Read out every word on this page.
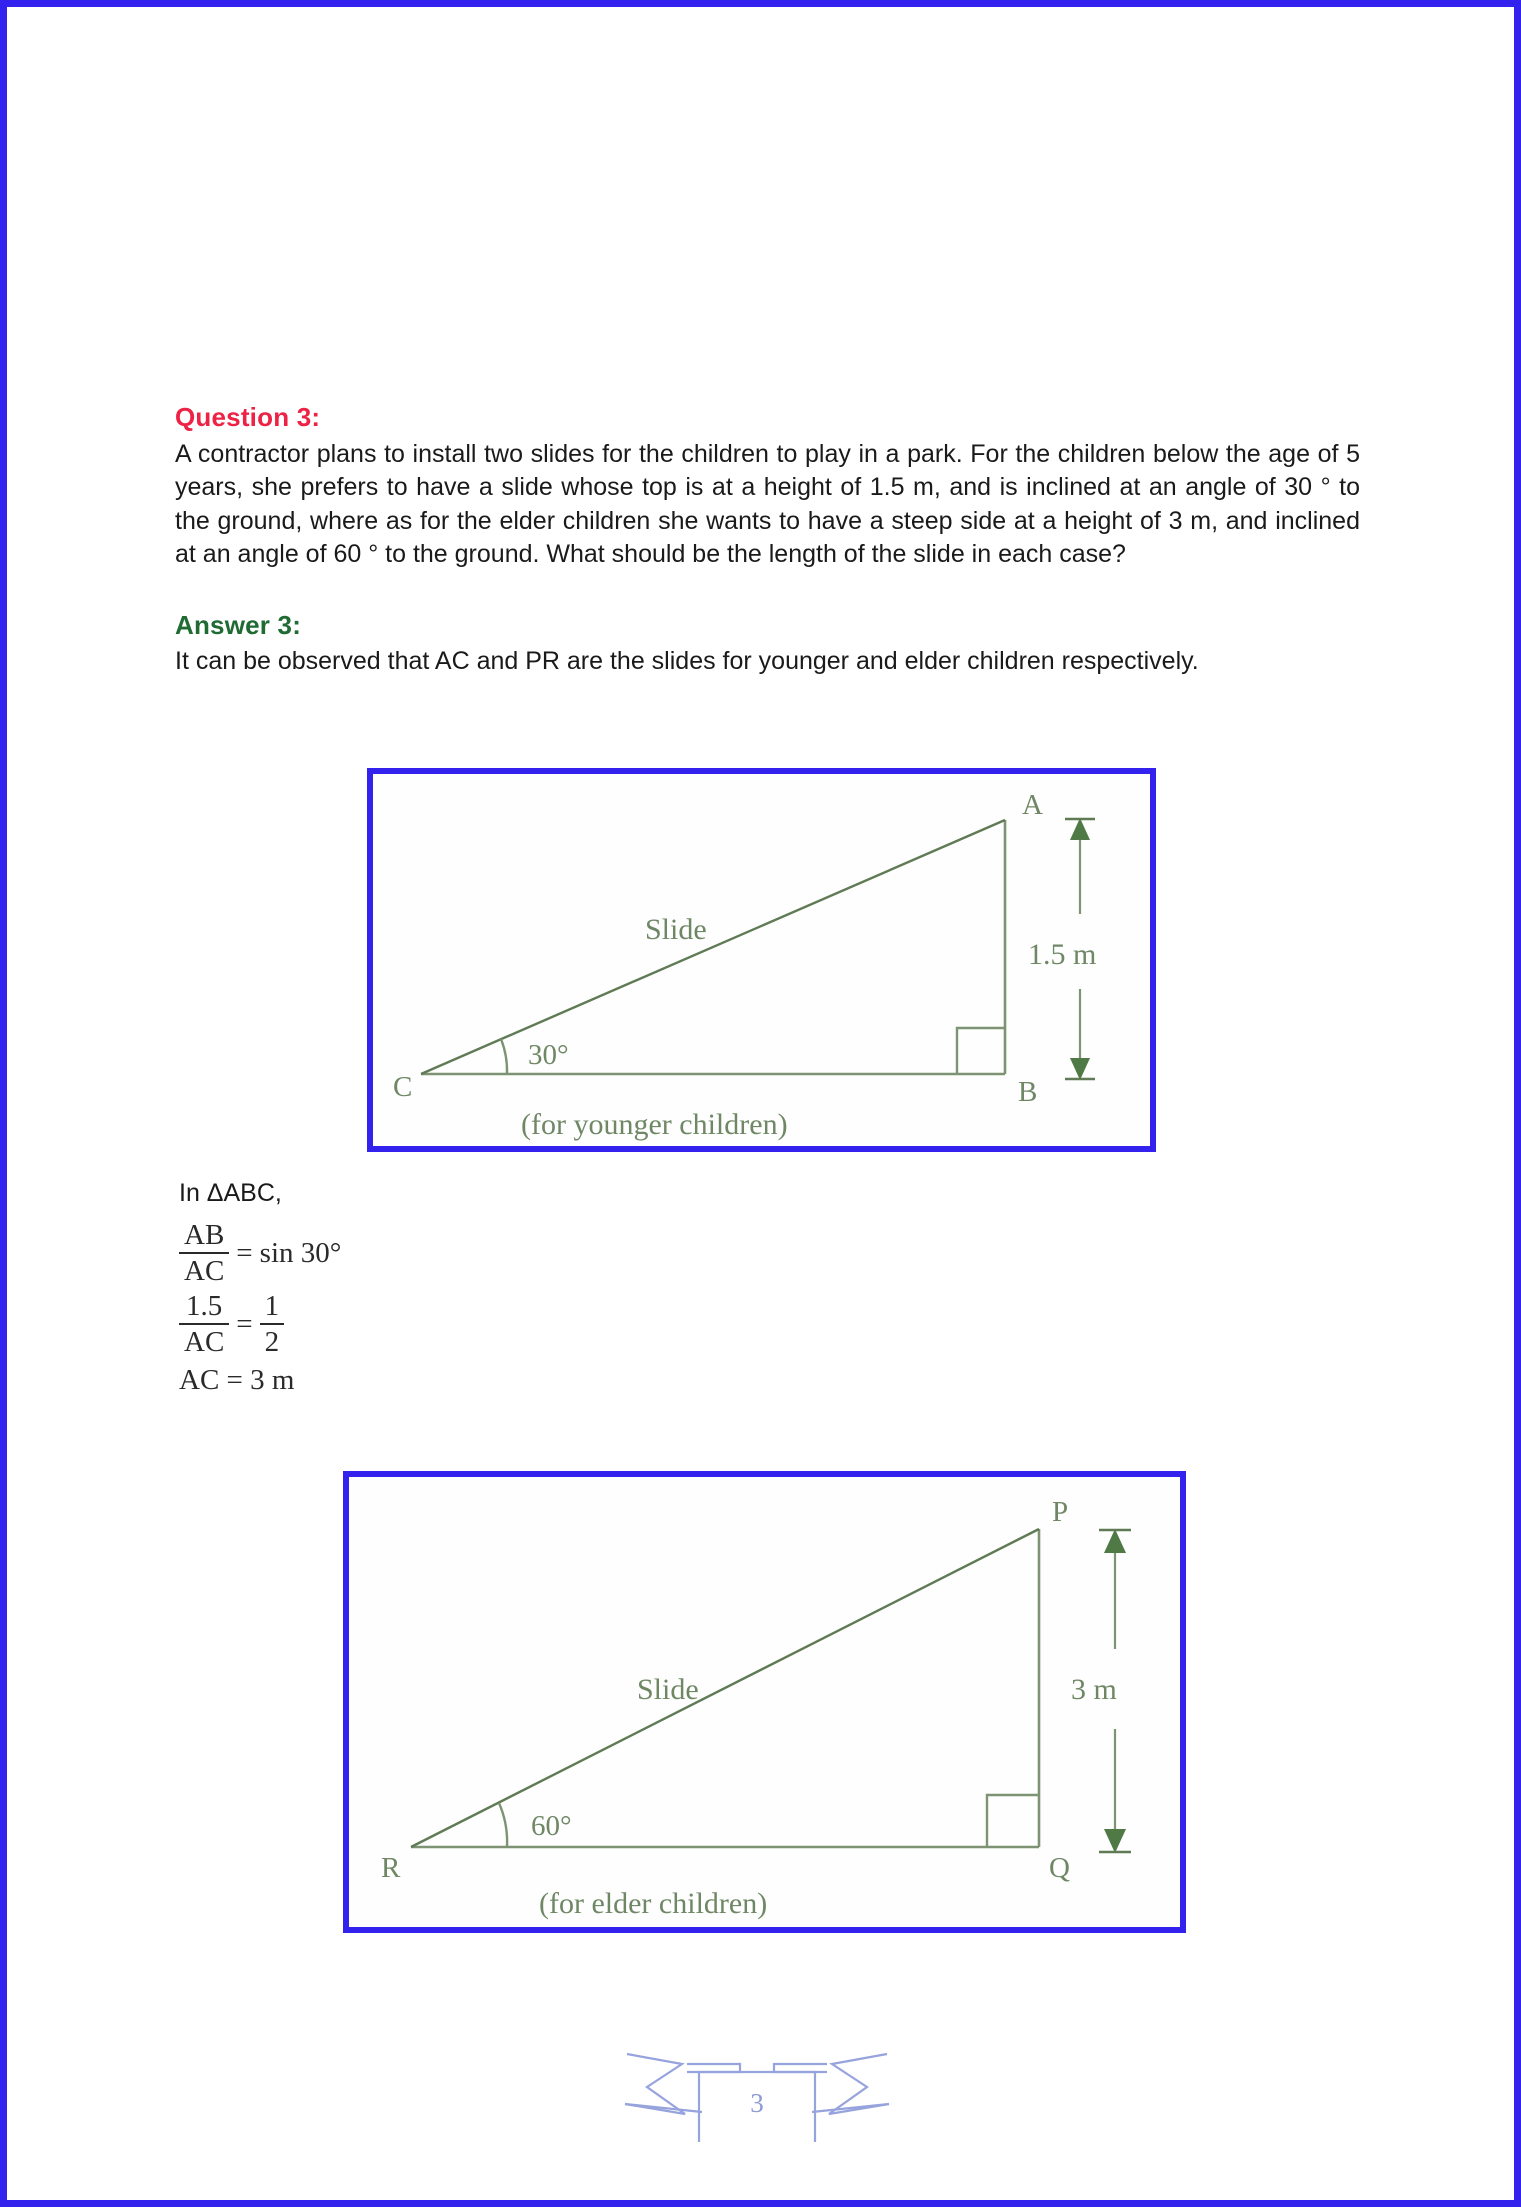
Question 3:

A contractor plans to install two slides for the children to play in a park. For the children below the age of 5 years, she prefers to have a slide whose top is at a height of 1.5 m, and is inclined at an angle of 30 ° to the ground, where as for the elder children she wants to have a steep side at a height of 3 m, and inclined at an angle of 60 ° to the ground. What should be the length of the slide in each case?

Answer 3:

It can be observed that AC and PR are the slides for younger and elder children respectively.

A
B
C
Slide
30°
1.5 m
(for younger children)
P
Q
R
Slide
60°
3 m
(for elder children)
In ΔABC,
$\frac{AB}{AC} = \sin 30^\circ$
$\frac{1.5}{AC} = \frac{1}{2}$
AC = 3 m
3
